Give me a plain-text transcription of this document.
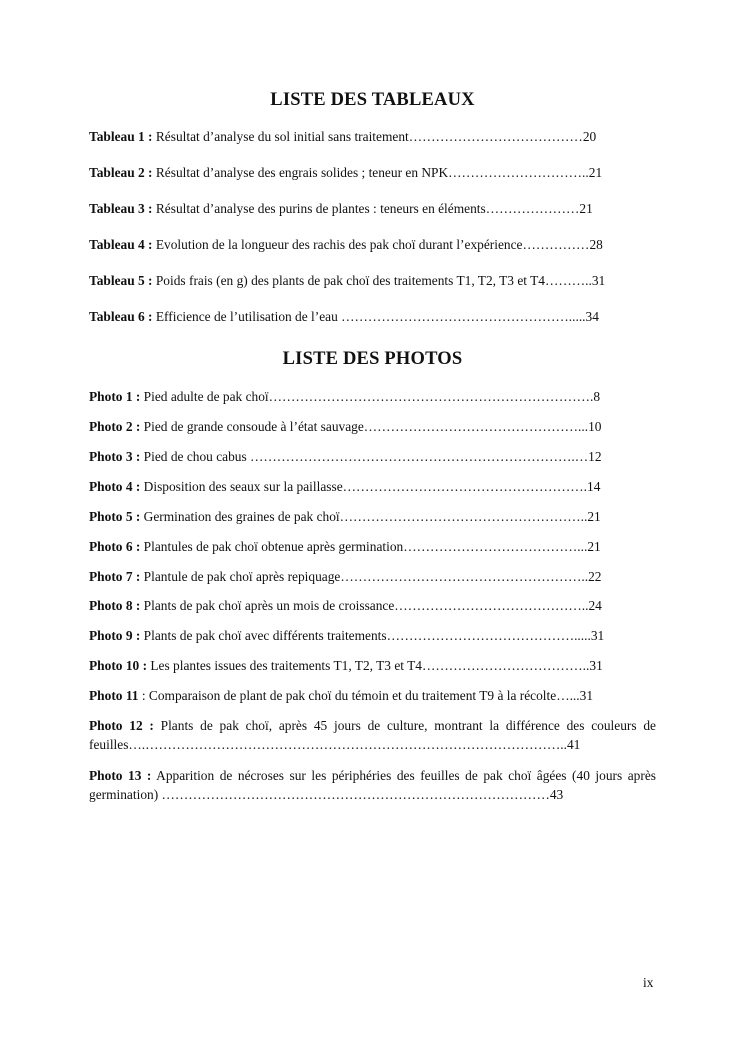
LISTE DES TABLEAUX
Tableau 1 : Résultat d’analyse du sol initial sans traitement…………………………………20
Tableau 2 : Résultat d’analyse des engrais solides ; teneur en NPK…………………………..21
Tableau 3 : Résultat d’analyse des purins de plantes : teneurs en éléments…………………21
Tableau 4 : Evolution de la longueur des rachis des pak choï durant l’expérience……………28
Tableau 5 : Poids frais (en g) des plants de pak choï des traitements T1, T2, T3 et T4………..31
Tableau 6 : Efficience de l’utilisation de l’eau …………………………………………….....34
LISTE DES PHOTOS
Photo 1 : Pied adulte de pak choï……………………………………………………………….8
Photo 2 : Pied de grande consoude à l’état sauvage…………………………………………...10
Photo 3 : Pied de chou cabus ……………………………………………………………….…12
Photo 4 : Disposition des seaux sur la paillasse……………………………………………….14
Photo 5 : Germination des graines de pak choï………………………………………………..21
Photo 6 : Plantules de pak choï obtenue après germination…………………………………...21
Photo 7 : Plantule de pak choï après repiquage………………………………………………..22
Photo 8 : Plants de pak choï après un mois de croissance……………………………………..24
Photo 9 : Plants de pak choï avec différents traitements…………………………………….....31
Photo 10 : Les plantes issues des traitements T1, T2, T3 et T4………………………………..31
Photo 11 : Comparaison de plant de pak choï du témoin et du traitement T9 à la récolte…...31
Photo 12 : Plants de pak choï, après 45 jours de culture, montrant la différence des couleurs de feuilles….…………………………………………………………………………………..41
Photo 13 : Apparition de nécroses sur les périphéries des feuilles de pak choï âgées (40 jours après germination) ……………………………………………………………………………43
ix
